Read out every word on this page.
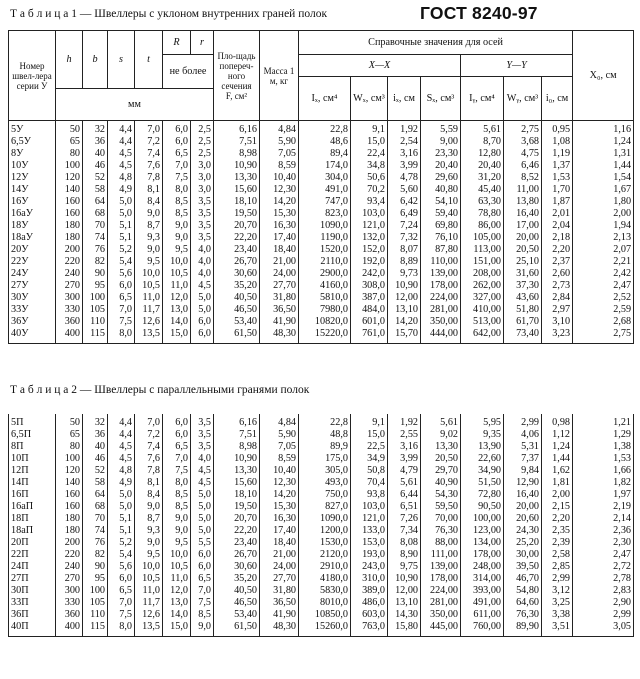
Т а б л и ц а 1 — Швеллеры с уклоном внутренних граней полок	ГОСТ 8240-97
Номер швел-лера серии У	h	b	s	t	R	r	Пло-щадь попереч-ного сечения
F, см²	Масса 1 м, кг	Справочные значения для осей							X₀, см
					не более				X—X				Y—Y			
									Iₓ, см⁴	Wₓ, см³	iₓ, см	Sₓ, см³	Iᵧ, см⁴	Wᵧ, см³	i₀, см	
	мм															
5У	50	32	4,4	7,0	6,0	2,5	6,16	4,84	22,8	9,1	1,92	5,59	5,61	2,75	0,95	1,16
6,5У	65	36	4,4	7,2	6,0	2,5	7,51	5,90	48,6	15,0	2,54	9,00	8,70	3,68	1,08	1,24
8У	80	40	4,5	7,4	6,5	2,5	8,98	7,05	89,4	22,4	3,16	23,30	12,80	4,75	1,19	1,31
10У	100	46	4,5	7,6	7,0	3,0	10,90	8,59	174,0	34,8	3,99	20,40	20,40	6,46	1,37	1,44
12У	120	52	4,8	7,8	7,5	3,0	13,30	10,40	304,0	50,6	4,78	29,60	31,20	8,52	1,53	1,54
14У	140	58	4,9	8,1	8,0	3,0	15,60	12,30	491,0	70,2	5,60	40,80	45,40	11,00	1,70	1,67
16У	160	64	5,0	8,4	8,5	3,5	18,10	14,20	747,0	93,4	6,42	54,10	63,30	13,80	1,87	1,80
16аУ	160	68	5,0	9,0	8,5	3,5	19,50	15,30	823,0	103,0	6,49	59,40	78,80	16,40	2,01	2,00
18У	180	70	5,1	8,7	9,0	3,5	20,70	16,30	1090,0	121,0	7,24	69,80	86,00	17,00	2,04	1,94
18аУ	180	74	5,1	9,3	9,0	3,5	22,20	17,40	1190,0	132,0	7,32	76,10	105,00	20,00	2,18	2,13
20У	200	76	5,2	9,0	9,5	4,0	23,40	18,40	1520,0	152,0	8,07	87,80	113,00	20,50	2,20	2,07
22У	220	82	5,4	9,5	10,0	4,0	26,70	21,00	2110,0	192,0	8,89	110,00	151,00	25,10	2,37	2,21
24У	240	90	5,6	10,0	10,5	4,0	30,60	24,00	2900,0	242,0	9,73	139,00	208,00	31,60	2,60	2,42
27У	270	95	6,0	10,5	11,0	4,5	35,20	27,70	4160,0	308,0	10,90	178,00	262,00	37,30	2,73	2,47
30У	300	100	6,5	11,0	12,0	5,0	40,50	31,80	5810,0	387,0	12,00	224,00	327,00	43,60	2,84	2,52
33У	330	105	7,0	11,7	13,0	5,0	46,50	36,50	7980,0	484,0	13,10	281,00	410,00	51,80	2,97	2,59
36У	360	110	7,5	12,6	14,0	6,0	53,40	41,90	10820,0	601,0	14,20	350,00	513,00	61,70	3,10	2,68
40У	400	115	8,0	13,5	15,0	6,0	61,50	48,30	15220,0	761,0	15,70	444,00	642,00	73,40	3,23	2,75
Т а б л и ц а 2 — Швеллеры с параллельными гранями полок
5П	50	32	4,4	7,0	6,0	3,5	6,16	4,84	22,8	9,1	1,92	5,61	5,95	2,99	0,98	1,21
6,5П	65	36	4,4	7,2	6,0	3,5	7,51	5,90	48,8	15,0	2,55	9,02	9,35	4,06	1,12	1,29
8П	80	40	4,5	7,4	6,5	3,5	8,98	7,05	89,9	22,5	3,16	13,30	13,90	5,31	1,24	1,38
10П	100	46	4,5	7,6	7,0	4,0	10,90	8,59	175,0	34,9	3,99	20,50	22,60	7,37	1,44	1,53
12П	120	52	4,8	7,8	7,5	4,5	13,30	10,40	305,0	50,8	4,79	29,70	34,90	9,84	1,62	1,66
14П	140	58	4,9	8,1	8,0	4,5	15,60	12,30	493,0	70,4	5,61	40,90	51,50	12,90	1,81	1,82
16П	160	64	5,0	8,4	8,5	5,0	18,10	14,20	750,0	93,8	6,44	54,30	72,80	16,40	2,00	1,97
16аП	160	68	5,0	9,0	8,5	5,0	19,50	15,30	827,0	103,0	6,51	59,50	90,50	20,00	2,15	2,19
18П	180	70	5,1	8,7	9,0	5,0	20,70	16,30	1090,0	121,0	7,26	70,00	100,00	20,60	2,20	2,14
18аП	180	74	5,1	9,3	9,0	5,0	22,20	17,40	1200,0	133,0	7,34	76,30	123,00	24,30	2,35	2,36
20П	200	76	5,2	9,0	9,5	5,5	23,40	18,40	1530,0	153,0	8,08	88,00	134,00	25,20	2,39	2,30
22П	220	82	5,4	9,5	10,0	6,0	26,70	21,00	2120,0	193,0	8,90	111,00	178,00	30,00	2,58	2,47
24П	240	90	5,6	10,0	10,5	6,0	30,60	24,00	2910,0	243,0	9,75	139,00	248,00	39,50	2,85	2,72
27П	270	95	6,0	10,5	11,0	6,5	35,20	27,70	4180,0	310,0	10,90	178,00	314,00	46,70	2,99	2,78
30П	300	100	6,5	11,0	12,0	7,0	40,50	31,80	5830,0	389,0	12,00	224,00	393,00	54,80	3,12	2,83
33П	330	105	7,0	11,7	13,0	7,5	46,50	36,50	8010,0	486,0	13,10	281,00	491,00	64,60	3,25	2,90
36П	360	110	7,5	12,6	14,0	8,5	53,40	41,90	10850,0	603,0	14,30	350,00	611,00	76,30	3,38	2,99
40П	400	115	8,0	13,5	15,0	9,0	61,50	48,30	15260,0	763,0	15,80	445,00	760,00	89,90	3,51	3,05
